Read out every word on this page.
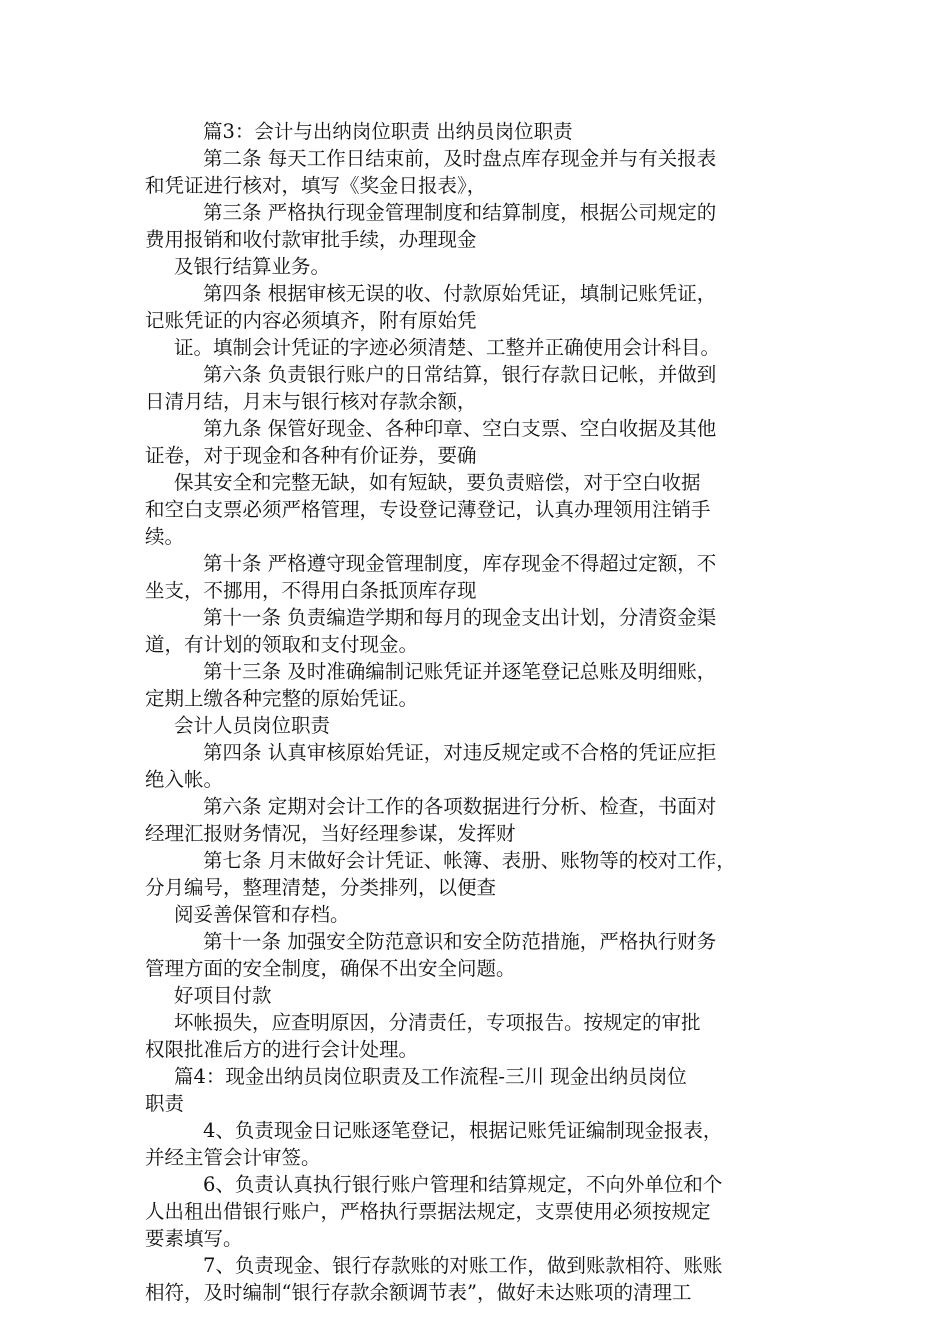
篇3：会计与出纳岗位职责 出纳员岗位职责
第二条 每天工作日结束前，及时盘点库存现金并与有关报表
和凭证进行核对，填写《奖金日报表》，
第三条 严格执行现金管理制度和结算制度，根据公司规定的
费用报销和收付款审批手续，办理现金
及银行结算业务。
第四条 根据审核无误的收、付款原始凭证，填制记账凭证，
记账凭证的内容必须填齐，附有原始凭
证。填制会计凭证的字迹必须清楚、工整并正确使用会计科目。
第六条 负责银行账户的日常结算，银行存款日记帐，并做到
日清月结，月末与银行核对存款余额，
第九条 保管好现金、各种印章、空白支票、空白收据及其他
证卷，对于现金和各种有价证券，要确
保其安全和完整无缺，如有短缺，要负责赔偿，对于空白收据
和空白支票必须严格管理，专设登记薄登记，认真办理领用注销手
续。
第十条 严格遵守现金管理制度，库存现金不得超过定额，不
坐支，不挪用，不得用白条抵顶库存现
第十一条 负责编造学期和每月的现金支出计划，分清资金渠
道，有计划的领取和支付现金。
第十三条 及时准确编制记账凭证并逐笔登记总账及明细账，
定期上缴各种完整的原始凭证。
会计人员岗位职责
第四条 认真审核原始凭证，对违反规定或不合格的凭证应拒
绝入帐。
第六条 定期对会计工作的各项数据进行分析、检查，书面对
经理汇报财务情况，当好经理参谋，发挥财
第七条 月末做好会计凭证、帐簿、表册、账物等的校对工作，
分月编号，整理清楚，分类排列，以便查
阅妥善保管和存档。
第十一条 加强安全防范意识和安全防范措施，严格执行财务
管理方面的安全制度，确保不出安全问题。
好项目付款
坏帐损失，应查明原因，分清责任，专项报告。按规定的审批
权限批准后方的进行会计处理。
篇4：现金出纳员岗位职责及工作流程-三川 现金出纳员岗位
职责
4、负责现金日记账逐笔登记，根据记账凭证编制现金报表，
并经主管会计审签。
6、负责认真执行银行账户管理和结算规定，不向外单位和个
人出租出借银行账户，严格执行票据法规定，支票使用必须按规定
要素填写。
7、负责现金、银行存款账的对账工作，做到账款相符、账账
相符，及时编制“银行存款余额调节表”，做好未达账项的清理工
